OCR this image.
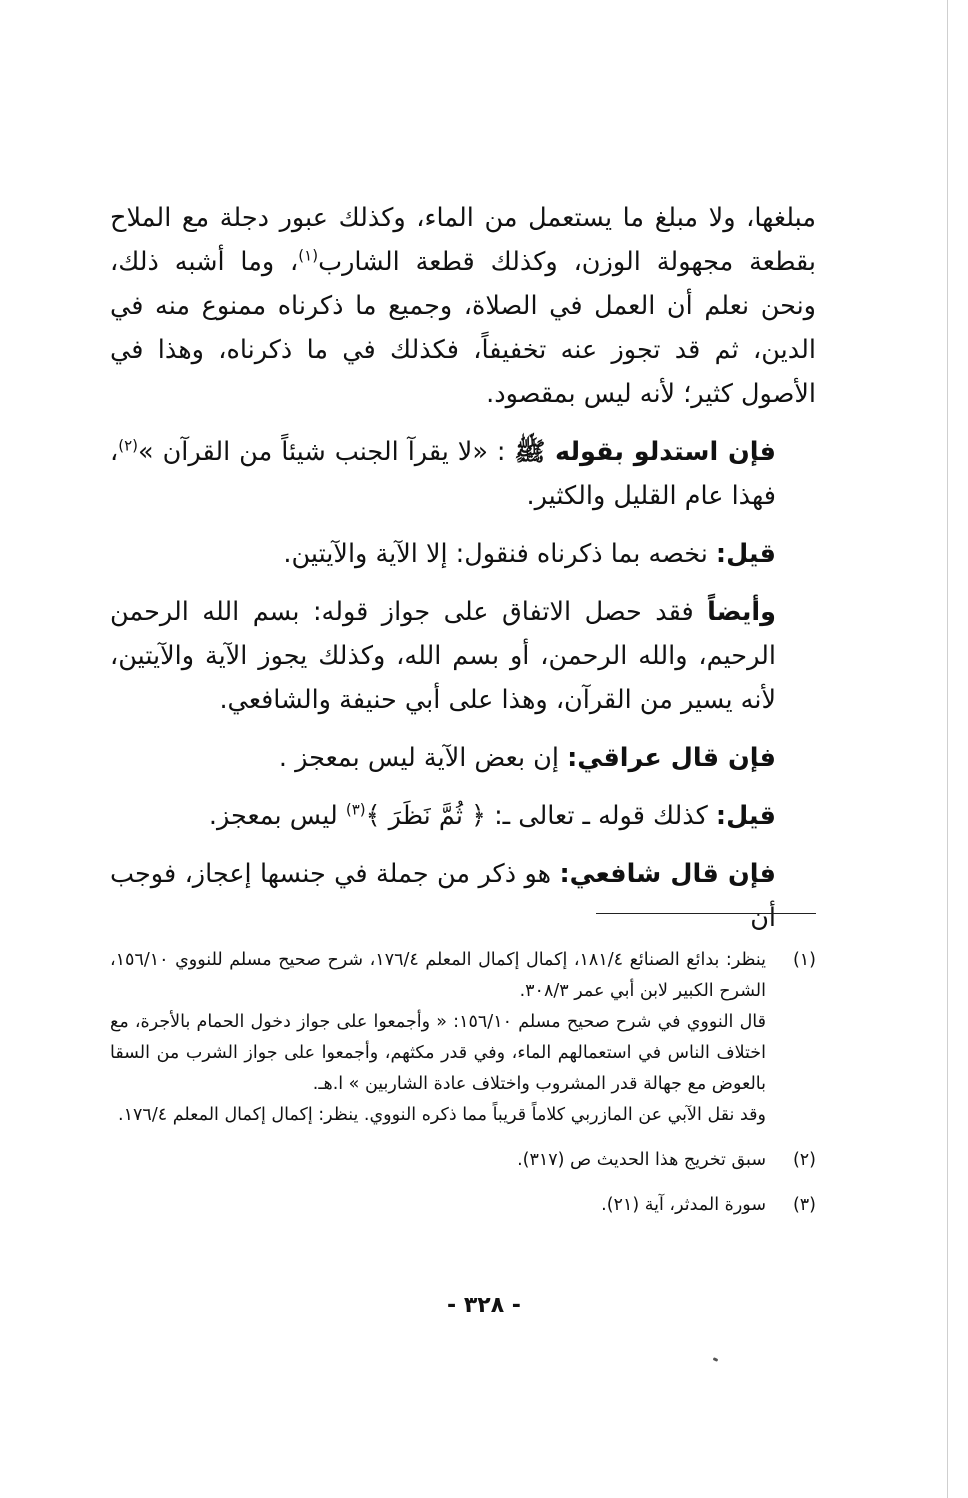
مبلغها، ولا مبلغ ما يستعمل من الماء، وكذلك عبور دجلة مع الملاح بقطعة مجهولة الوزن، وكذلك قطعة الشارب$^{(١)}$، وما أشبه ذلك، ونحن نعلم أن العمل في الصلاة، وجميع ما ذكرناه ممنوع منه في الدين، ثم قد تجوز عنه تخفيفاً، فكذلك في ما ذكرناه، وهذا في الأصول كثير؛ لأنه ليس بمقصود.

فإن استدلو بقوله ﷺ : «لا يقرآ الجنب شيئاً من القرآن »$^{(٢)}$، فهذا عام القليل والكثير.

قيل: نخصه بما ذكرناه فنقول: إلا الآية والآيتين.

وأيضاً فقد حصل الاتفاق على جواز قوله: بسم الله الرحمن الرحيم، والله الرحمن، أو بسم الله، وكذلك يجوز الآية والآيتين، لأنه يسير من القرآن، وهذا على أبي حنيفة والشافعي.

فإن قال عراقي: إن بعض الآية ليس بمعجز .

قيل: كذلك قوله ـ تعالى ـ: ﴿ ثُمَّ نَظَرَ ﴾$^{(٣)}$ ليس بمعجز.

فإن قال شافعي: هو ذكر من جملة في جنسها إعجاز، فوجب أن

(١)
ينظر: بدائع الصنائع ١٨١/٤، إكمال إكمال المعلم ١٧٦/٤، شرح صحيح مسلم للنووي ١٥٦/١٠، الشرح الكبير لابن أبي عمر ٣٠٨/٣.
قال النووي في شرح صحيح مسلم ١٥٦/١٠: « وأجمعوا على جواز دخول الحمام بالأجرة، مع اختلاف الناس في استعمالهم الماء، وفي قدر مكثهم، وأجمعوا على جواز الشرب من السقا بالعوض مع جهالة قدر المشروب واختلاف عادة الشاربين » ا.هـ.
وقد نقل الآبي عن المازربي كلاماً قريباً مما ذكره النووي. ينظر: إكمال إكمال المعلم ١٧٦/٤.
(٢)
سبق تخريج هذا الحديث ص (٣١٧).
(٣)
سورة المدثر، آية (٢١).
- ٣٢٨ -
